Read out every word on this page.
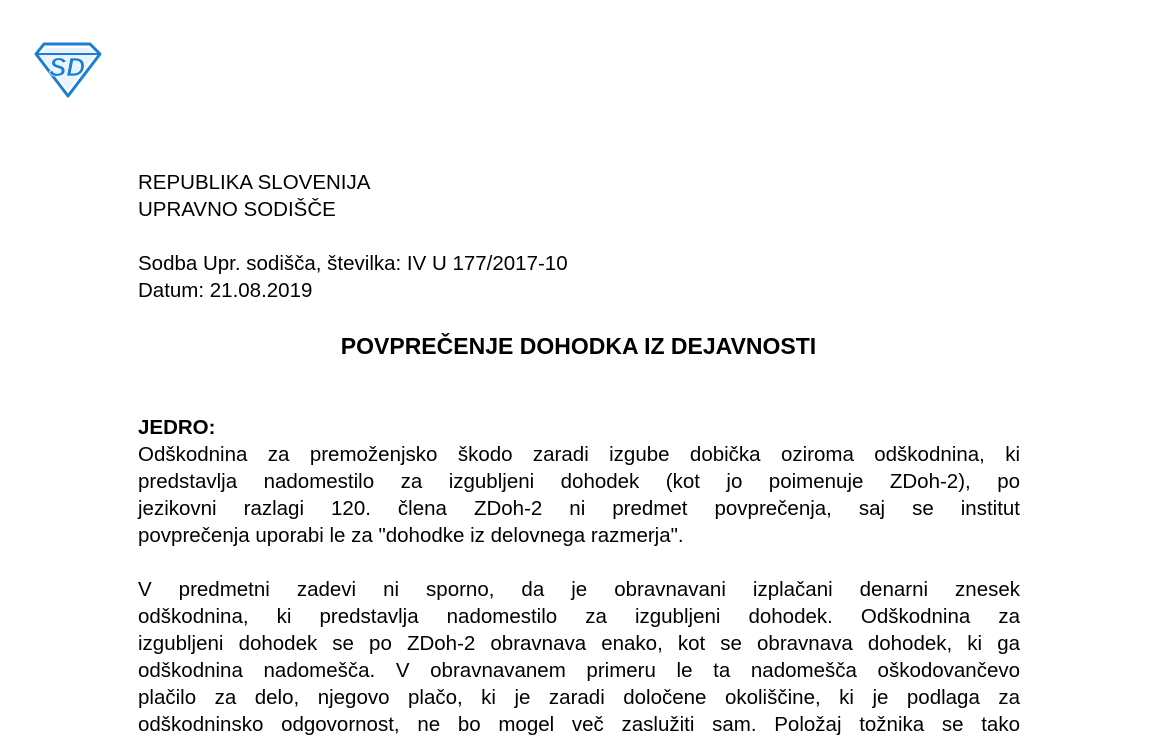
SD
REPUBLIKA SLOVENIJA
UPRAVNO SODIŠČE
Sodba Upr. sodišča, številka: IV U 177/2017-10
Datum: 21.08.2019
POVPREČENJE DOHODKA IZ DEJAVNOSTI
JEDRO:
Odškodnina za premoženjsko škodo zaradi izgube dobička oziroma odškodnina, ki
predstavlja nadomestilo za izgubljeni dohodek (kot jo poimenuje ZDoh-2), po
jezikovni razlagi 120. člena ZDoh-2 ni predmet povprečenja, saj se institut
povprečenja uporabi le za "dohodke iz delovnega razmerja".
V predmetni zadevi ni sporno, da je obravnavani izplačani denarni znesek
odškodnina, ki predstavlja nadomestilo za izgubljeni dohodek. Odškodnina za
izgubljeni dohodek se po ZDoh-2 obravnava enako, kot se obravnava dohodek, ki ga
odškodnina nadomešča. V obravnavanem primeru le ta nadomešča oškodovančevo
plačilo za delo, njegovo plačo, ki je zaradi določene okoliščine, ki je podlaga za
odškodninsko odgovornost, ne bo mogel več zaslužiti sam. Položaj tožnika se tako
